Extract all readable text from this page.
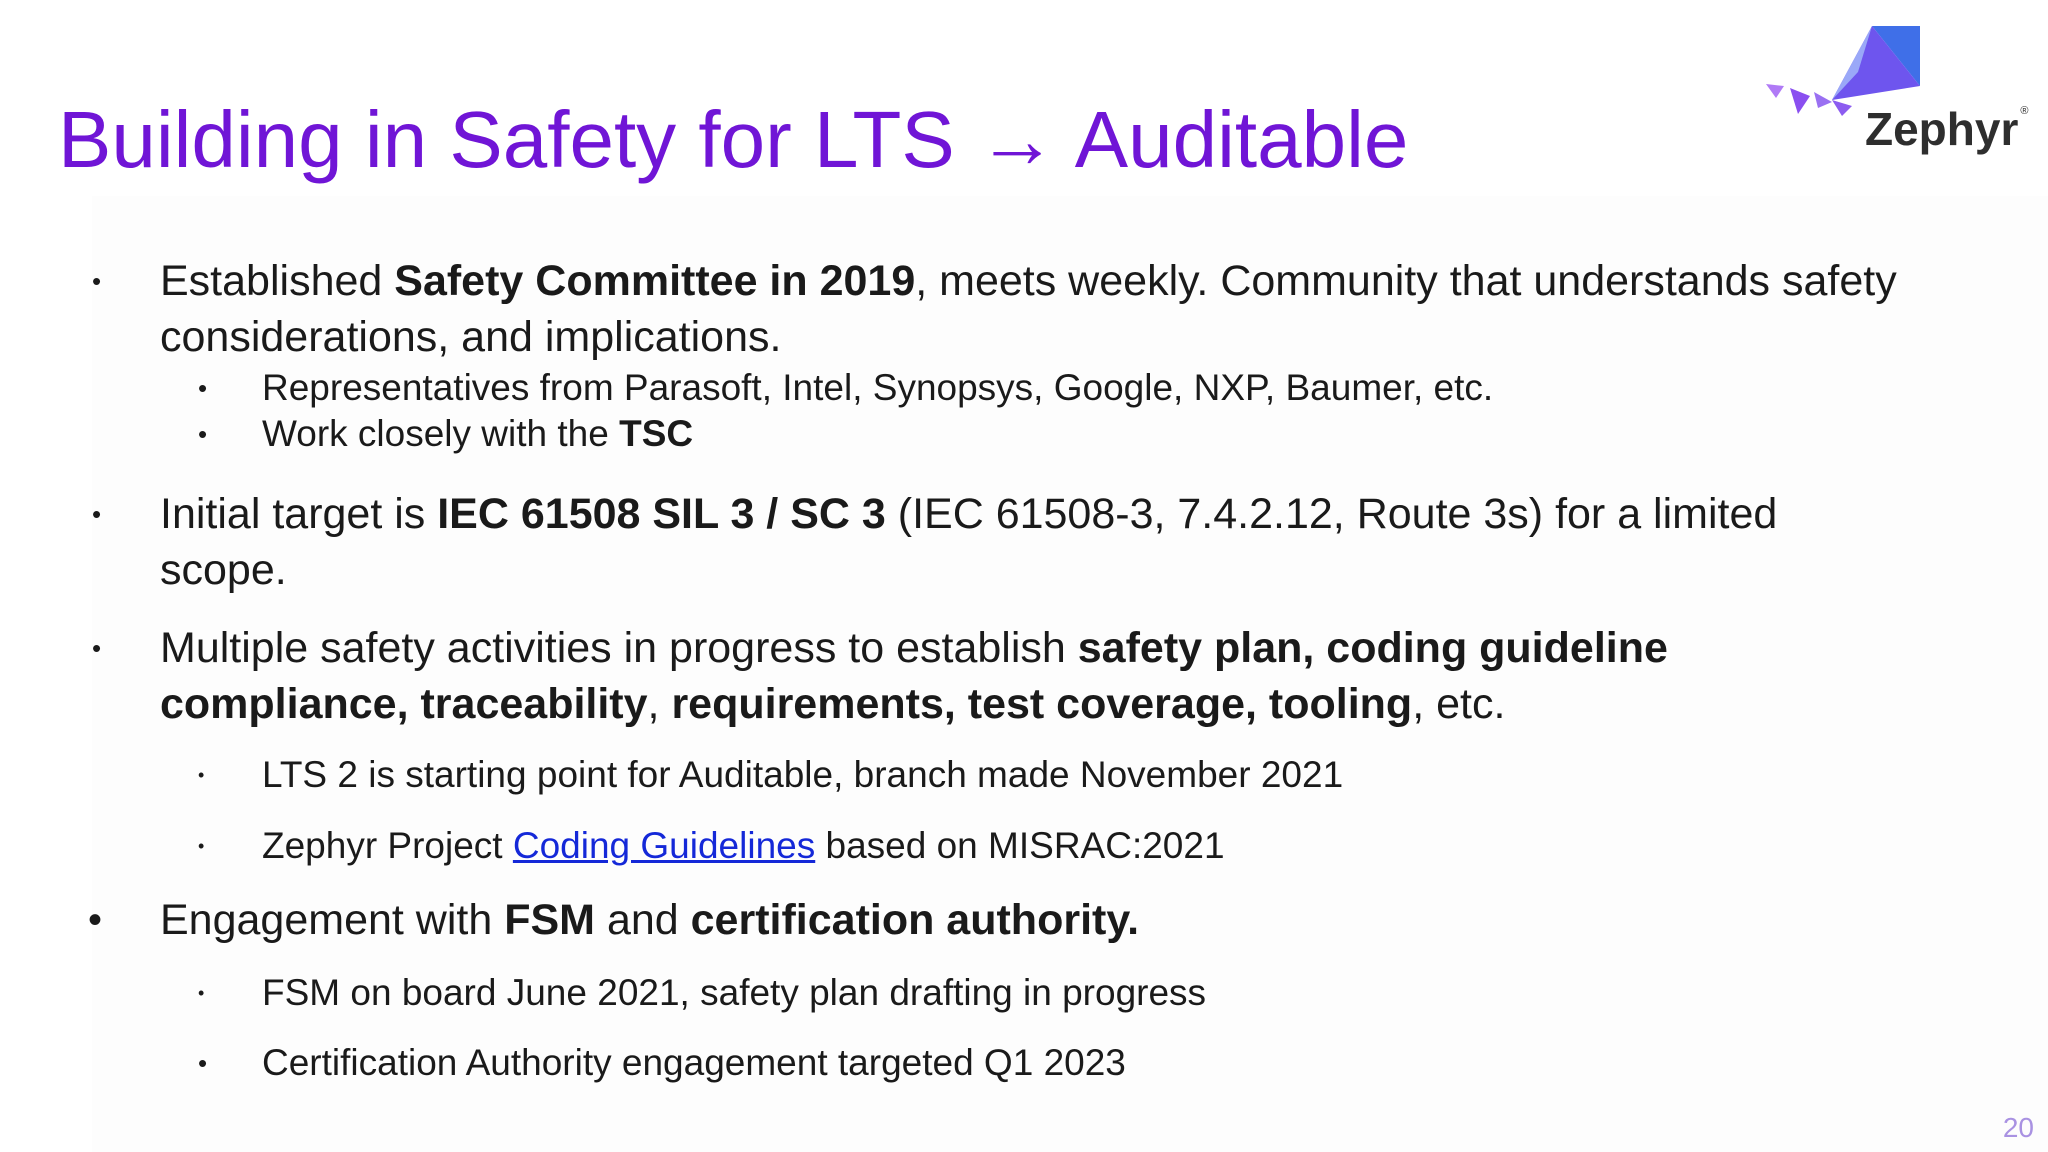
Building in Safety for LTS → Auditable	Zephyr ®
• Established Safety Committee in 2019, meets weekly. Community that understands safety considerations, and implications.
• Representatives from Parasoft, Intel, Synopsys, Google, NXP, Baumer, etc.
• Work closely with the TSC
• Initial target is IEC 61508 SIL 3 / SC 3 (IEC 61508-3, 7.4.2.12, Route 3s) for a limited scope.
• Multiple safety activities in progress to establish safety plan, coding guideline compliance, traceability, requirements, test coverage, tooling, etc.
• LTS 2 is starting point for Auditable, branch made November 2021
• Zephyr Project Coding Guidelines based on MISRAC:2021
• Engagement with FSM and certification authority.
• FSM on board June 2021, safety plan drafting in progress
• Certification Authority engagement targeted Q1 2023
20
